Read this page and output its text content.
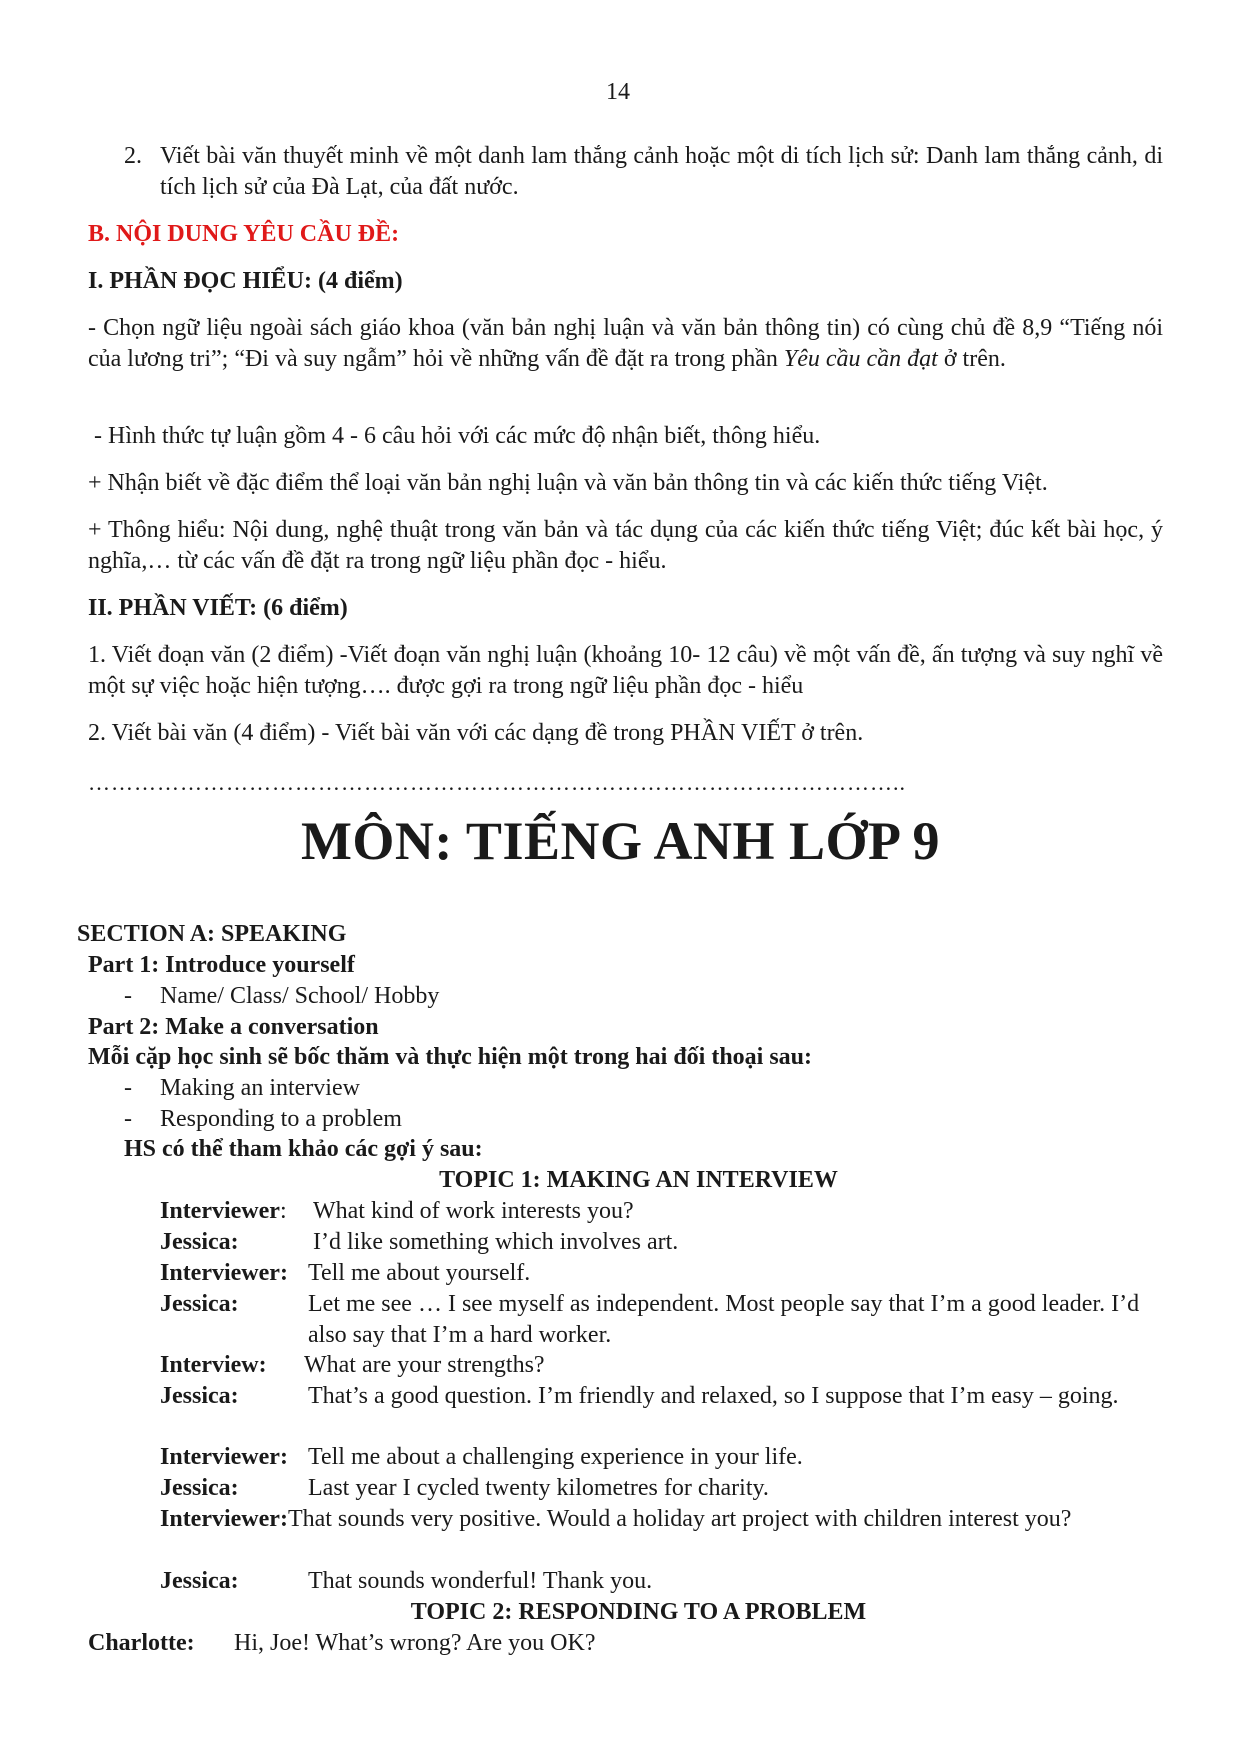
14
2. Viết bài văn thuyết minh về một danh lam thắng cảnh hoặc một di tích lịch sử: Danh lam thắng cảnh, di tích lịch sử của Đà Lạt, của đất nước.
B. NỘI DUNG YÊU CẦU ĐỀ:
I. PHẦN ĐỌC HIỂU: (4 điểm)
- Chọn ngữ liệu ngoài sách giáo khoa (văn bản nghị luận và văn bản thông tin) có cùng chủ đề 8,9 “Tiếng nói của lương tri”; “Đi và suy ngẫm” hỏi về những vấn đề đặt ra trong phần Yêu cầu cần đạt ở trên.
- Hình thức tự luận gồm 4 - 6 câu hỏi với các mức độ nhận biết, thông hiểu.
+ Nhận biết về đặc điểm thể loại văn bản nghị luận và văn bản thông tin và các kiến thức tiếng Việt.
+ Thông hiểu: Nội dung, nghệ thuật trong văn bản và tác dụng của các kiến thức tiếng Việt; đúc kết bài học, ý nghĩa,… từ các vấn đề đặt ra trong ngữ liệu phần đọc - hiểu.
II. PHẦN VIẾT: (6 điểm)
1. Viết đoạn văn (2 điểm) -Viết đoạn văn nghị luận (khoảng 10- 12 câu) về một vấn đề, ấn tượng và suy nghĩ về một sự việc hoặc hiện tượng…. được gợi ra trong ngữ liệu phần đọc - hiểu
2. Viết bài văn (4 điểm) - Viết bài văn với các dạng đề trong PHẦN VIẾT ở trên.
……………………………………………………………………………………………..
MÔN: TIẾNG ANH LỚP 9
SECTION A: SPEAKING
Part 1: Introduce yourself
- Name/ Class/ School/ Hobby
Part 2: Make a conversation
Mỗi cặp học sinh sẽ bốc thăm và thực hiện một trong hai đối thoại sau:
- Making an interview
- Responding to a problem
HS có thể tham khảo các gợi ý sau:
TOPIC 1: MAKING AN INTERVIEW
Interviewer: What kind of work interests you?
Jessica:	I’d like something which involves art.
Interviewer: Tell me about yourself.
Jessica:	Let me see … I see myself as independent. Most people say that I’m a good leader. I’d also say that I’m a hard worker.
Interview: What are your strengths?
Jessica:	That’s a good question. I’m friendly and relaxed, so I suppose that I’m easy – going.
Interviewer: Tell me about a challenging experience in your life.
Jessica:	Last year I cycled twenty kilometres for charity.
Interviewer:That sounds very positive. Would a holiday art project with children interest you?
Jessica:	That sounds wonderful! Thank you.
TOPIC 2: RESPONDING TO A PROBLEM
Charlotte: Hi, Joe! What’s wrong? Are you OK?
